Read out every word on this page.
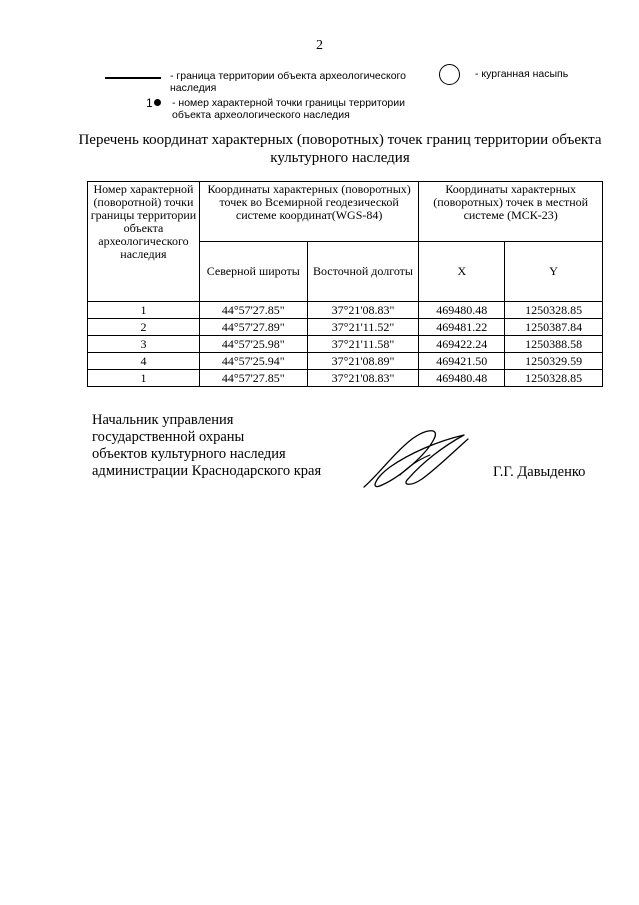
2
- граница территории объекта археологического наследия
1	- номер характерной точки границы территории объекта археологического наследия
- курганная насыпь
Перечень координат характерных (поворотных) точек границ территории объекта культурного наследия
Номер характерной (поворотной) точки границы территории объекта археологического наследия	Координаты характерных (поворотных) точек во Всемирной геодезической системе координат(WGS-84)		Координаты характерных (поворотных) точек в местной системе (МСК-23)	
	Северной широты	Восточной долготы	X	Y
1	44°57'27.85"	37°21'08.83"	469480.48	1250328.85
2	44°57'27.89"	37°21'11.52"	469481.22	1250387.84
3	44°57'25.98"	37°21'11.58"	469422.24	1250388.58
4	44°57'25.94"	37°21'08.89"	469421.50	1250329.59
1	44°57'27.85"	37°21'08.83"	469480.48	1250328.85
Начальник управления
государственной охраны
объектов культурного наследия
администрации Краснодарского края	Г.Г. Давыденко
